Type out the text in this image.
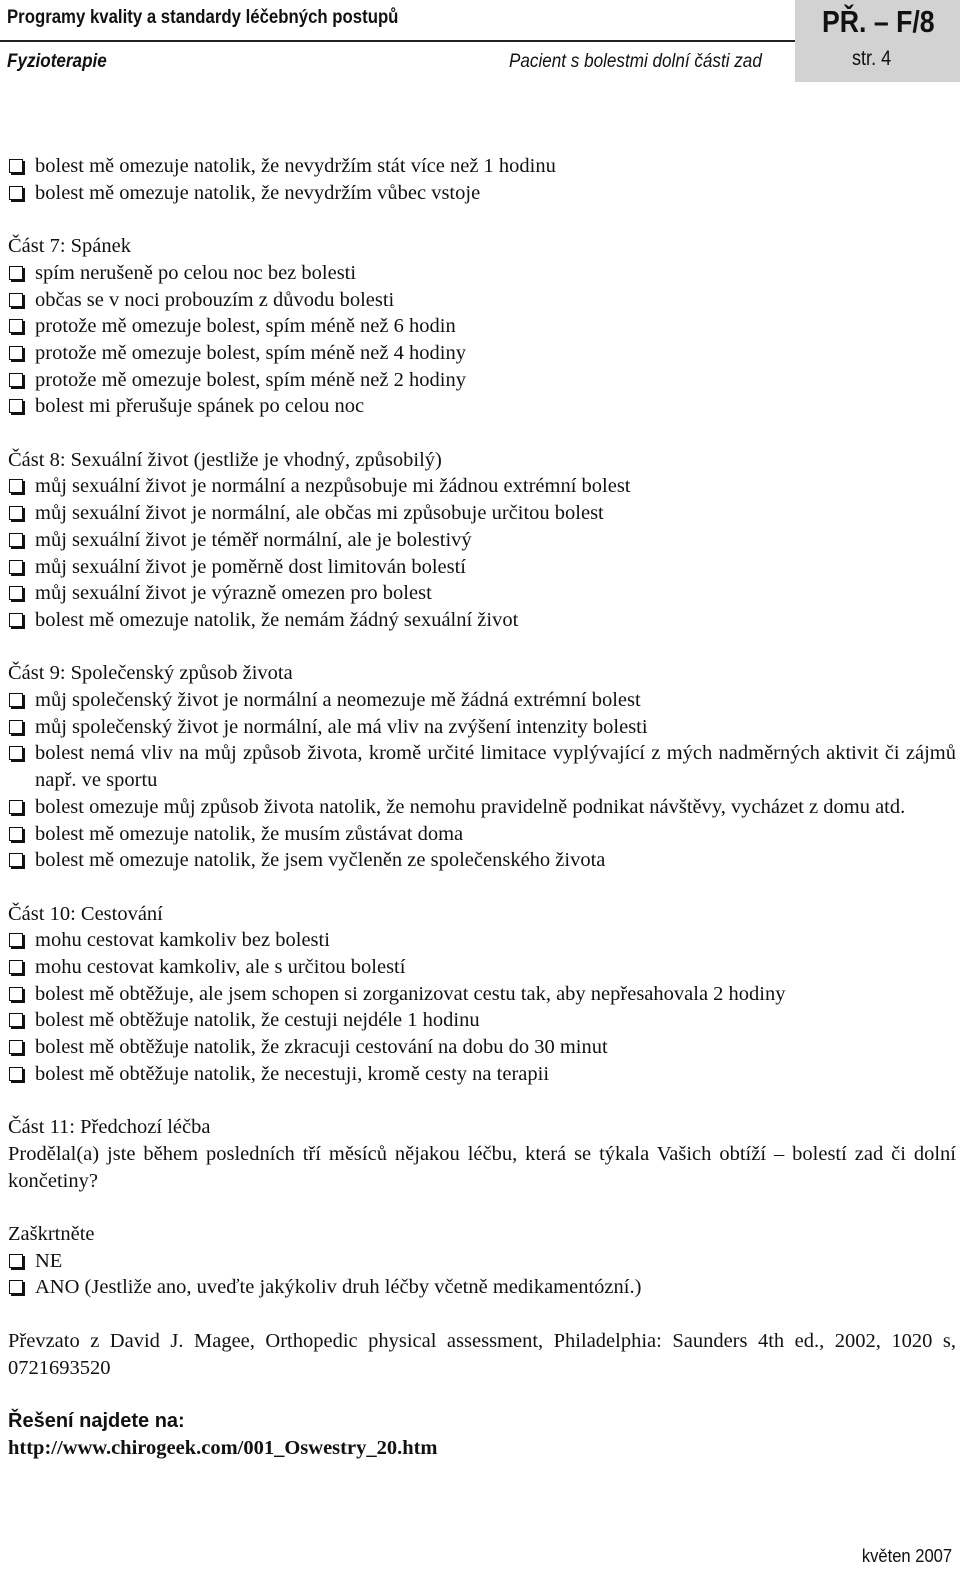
Programy kvality a standardy léčebných postupů
Fyzioterapie	Pacient s bolestmi dolní části zad
PŘ. – F/8
str. 4

bolest mě omezuje natolik, že nevydržím stát více než 1 hodinu

bolest mě omezuje natolik, že nevydržím vůbec vstoje

Část 7: Spánek

spím nerušeně po celou noc bez bolesti

občas se v noci probouzím z důvodu bolesti

protože mě omezuje bolest, spím méně než 6 hodin

protože mě omezuje bolest, spím méně než 4 hodiny

protože mě omezuje bolest, spím méně než 2 hodiny

bolest mi přerušuje spánek po celou noc

Část 8: Sexuální život (jestliže je vhodný, způsobilý)

můj sexuální život je normální a nezpůsobuje mi žádnou extrémní bolest

můj sexuální život je normální, ale občas mi způsobuje určitou bolest

můj sexuální život je téměř normální, ale je bolestivý

můj sexuální život je poměrně dost limitován bolestí

můj sexuální život je výrazně omezen pro bolest

bolest mě omezuje natolik, že nemám žádný sexuální život

Část 9: Společenský způsob života

můj společenský život je normální a neomezuje mě žádná extrémní bolest

můj společenský život je normální, ale má vliv na zvýšení intenzity bolesti

bolest nemá vliv na můj způsob života, kromě určité limitace vyplývající z mých nadměrných aktivit či zájmů např. ve sportu

bolest omezuje můj způsob života natolik, že nemohu pravidelně podnikat návštěvy, vycházet z domu atd.

bolest mě omezuje natolik, že musím zůstávat doma

bolest mě omezuje natolik, že jsem vyčleněn ze společenského života

Část 10: Cestování

mohu cestovat kamkoliv bez bolesti

mohu cestovat kamkoliv, ale s určitou bolestí

bolest mě obtěžuje, ale jsem schopen si zorganizovat cestu tak, aby nepřesahovala 2 hodiny

bolest mě obtěžuje natolik, že cestuji nejdéle 1 hodinu

bolest mě obtěžuje natolik, že zkracuji cestování na dobu do 30 minut

bolest mě obtěžuje natolik, že necestuji, kromě cesty na terapii

Část 11: Předchozí léčba

Prodělal(a) jste během posledních tří měsíců nějakou léčbu, která se týkala Vašich obtíží – bolestí zad či dolní končetiny?

Zaškrtněte

NE

ANO (Jestliže ano, uveďte jakýkoliv druh léčby včetně medikamentózní.)

Převzato z David J. Magee, Orthopedic physical assessment, Philadelphia: Saunders 4th ed., 2002, 1020 s, 0721693520

Řešení najdete na:

http://www.chirogeek.com/001_Oswestry_20.htm

květen 2007
